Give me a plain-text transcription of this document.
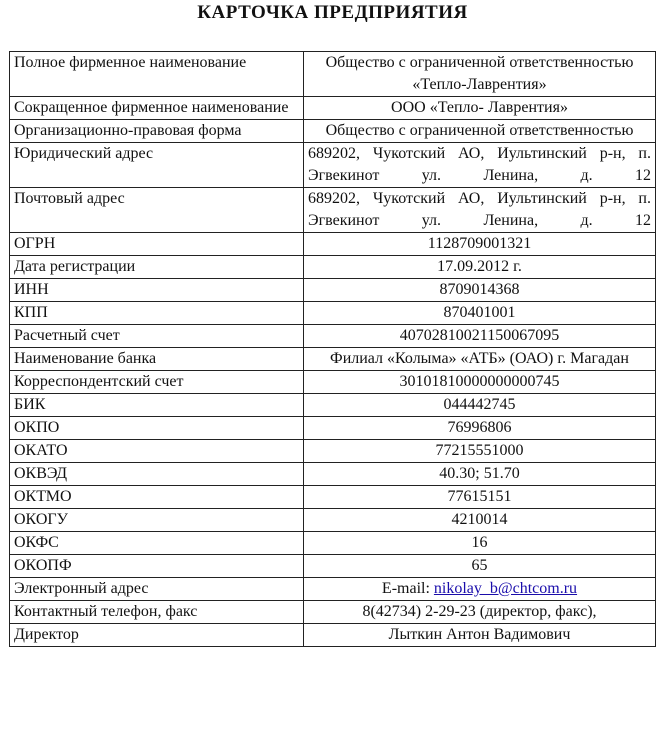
КАРТОЧКА ПРЕДПРИЯТИЯ
Полное фирменное наименование	Общество с ограниченной ответственностью «Тепло-Лаврентия»
Сокращенное фирменное наименование	ООО «Тепло- Лаврентия»
Организационно-правовая форма	Общество с ограниченной ответственностью
Юридический адрес	689202, Чукотский АО, Иультинский р-н, п. Эгвекинот ул. Ленина, д. 12
Почтовый адрес	689202, Чукотский АО, Иультинский р-н, п. Эгвекинот ул. Ленина, д. 12
ОГРН	1128709001321
Дата регистрации	17.09.2012 г.
ИНН	8709014368
КПП	870401001
Расчетный счет	40702810021150067095
Наименование банка	Филиал «Колыма» «АТБ» (ОАО) г. Магадан
Корреспондентский счет	30101810000000000745
БИК	044442745
ОКПО	76996806
ОКАТО	77215551000
ОКВЭД	40.30; 51.70
ОКТМО	77615151
ОКОГУ	4210014
ОКФС	16
ОКОПФ	65
Электронный адрес	E-mail: nikolay_b@chtcom.ru
Контактный телефон, факс	8(42734) 2-29-23 (директор, факс),
Директор	Лыткин Антон Вадимович
